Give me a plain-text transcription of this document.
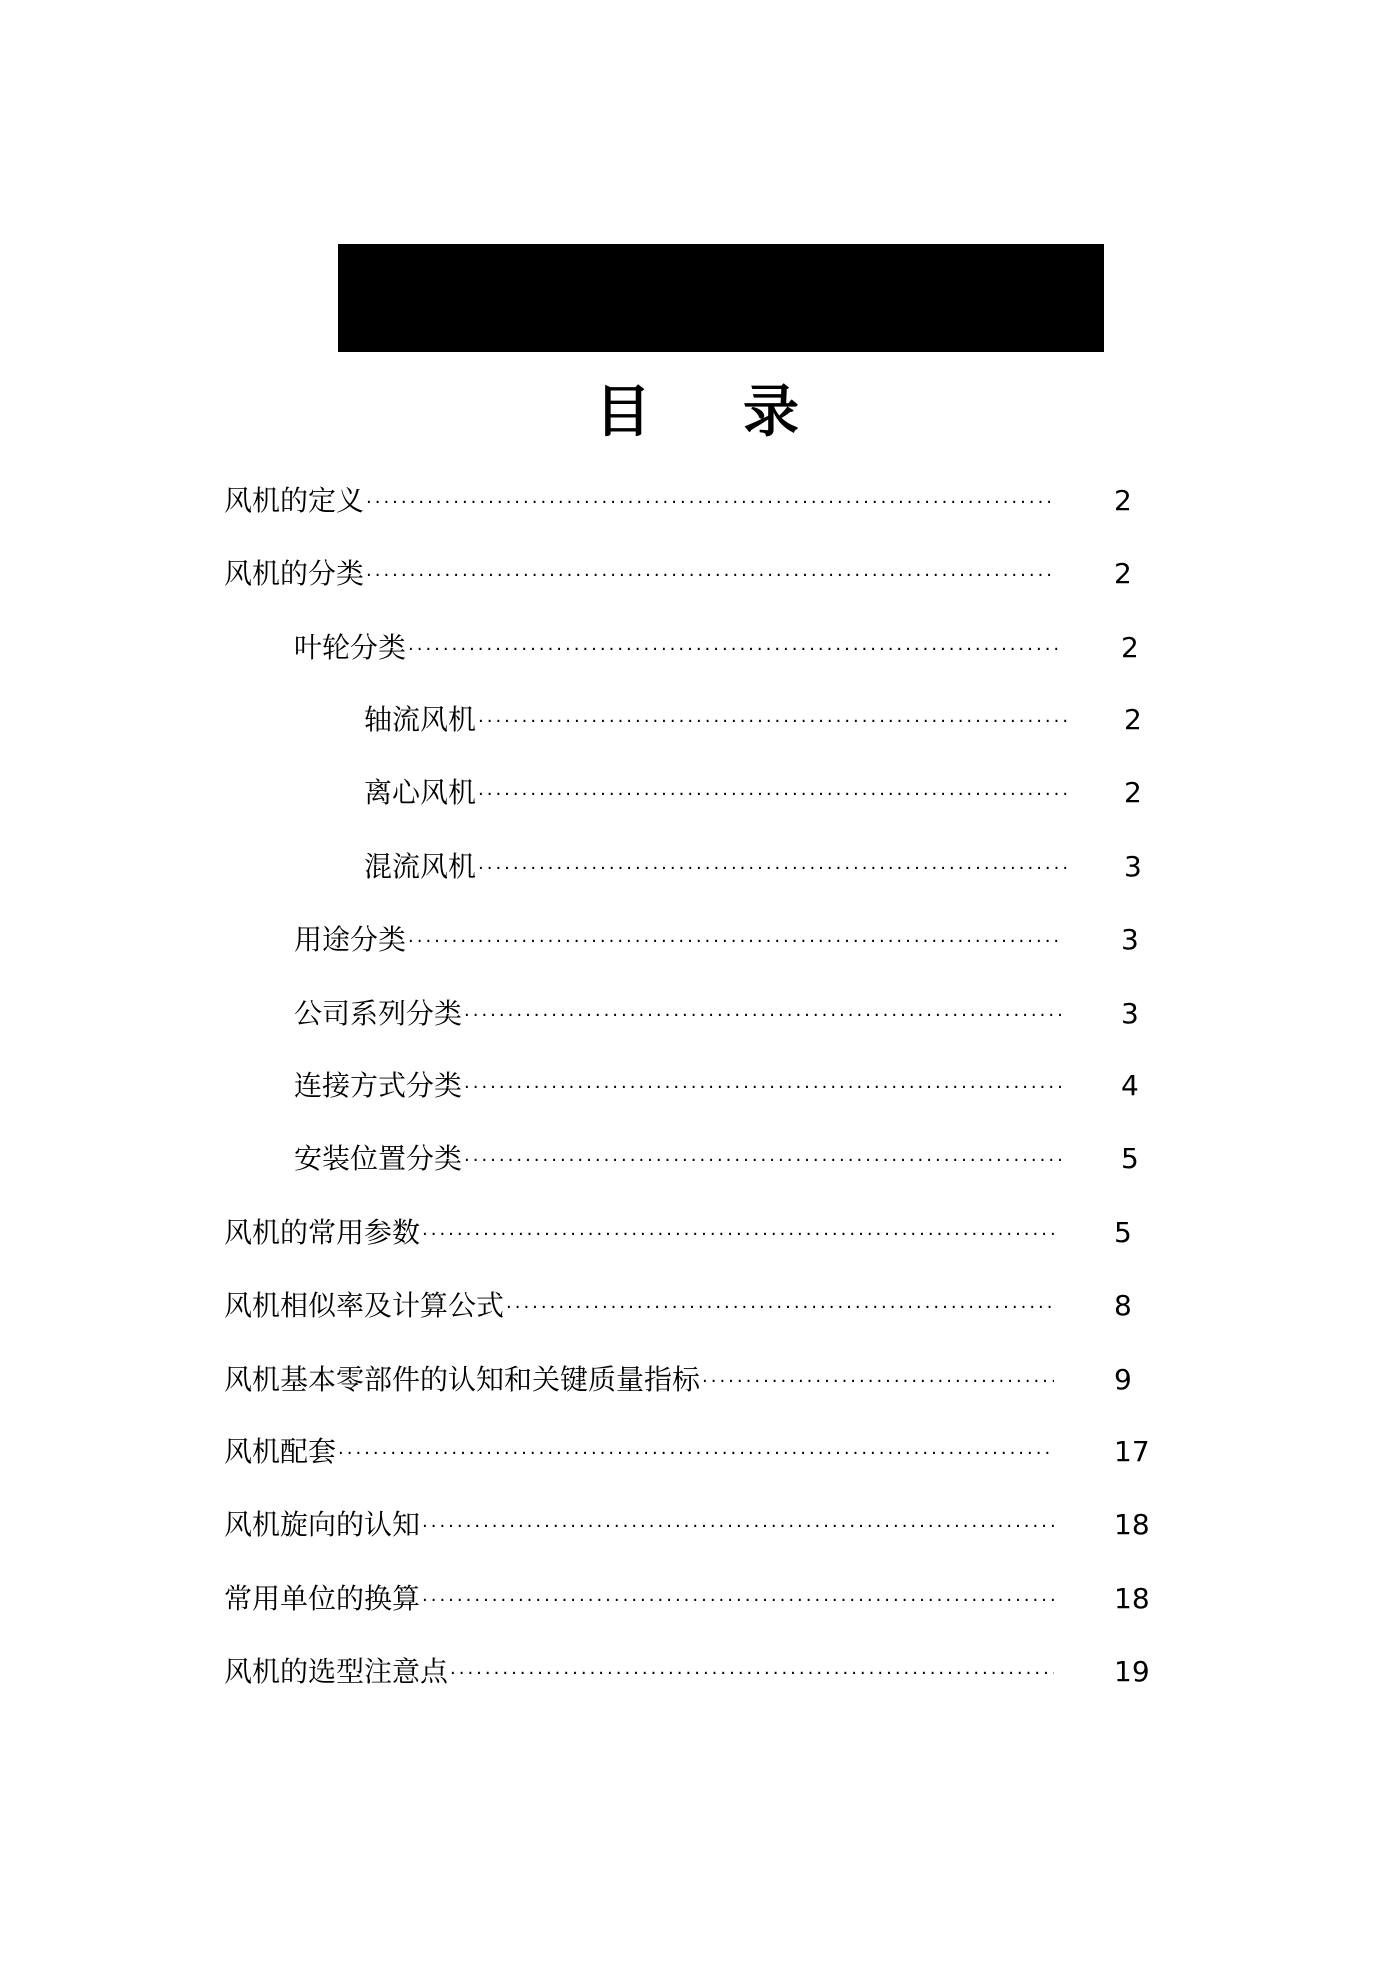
目 录
风机的定义 ·····	2
风机的分类 ·····	2
叶轮分类 ·····	2
轴流风机 ·····	2
离心风机 ·····	2
混流风机 ·····	3
用途分类 ·····	3
公司系列分类 ·····	3
连接方式分类 ·····	4
安装位置分类 ·····	5
风机的常用参数 ·····	5
风机相似率及计算公式 ·····	8
风机基本零部件的认知和关键质量指标 ·····	9
风机配套 ·····	17
风机旋向的认知 ·····	18
常用单位的换算 ·····	18
风机的选型注意点 ·····	19
